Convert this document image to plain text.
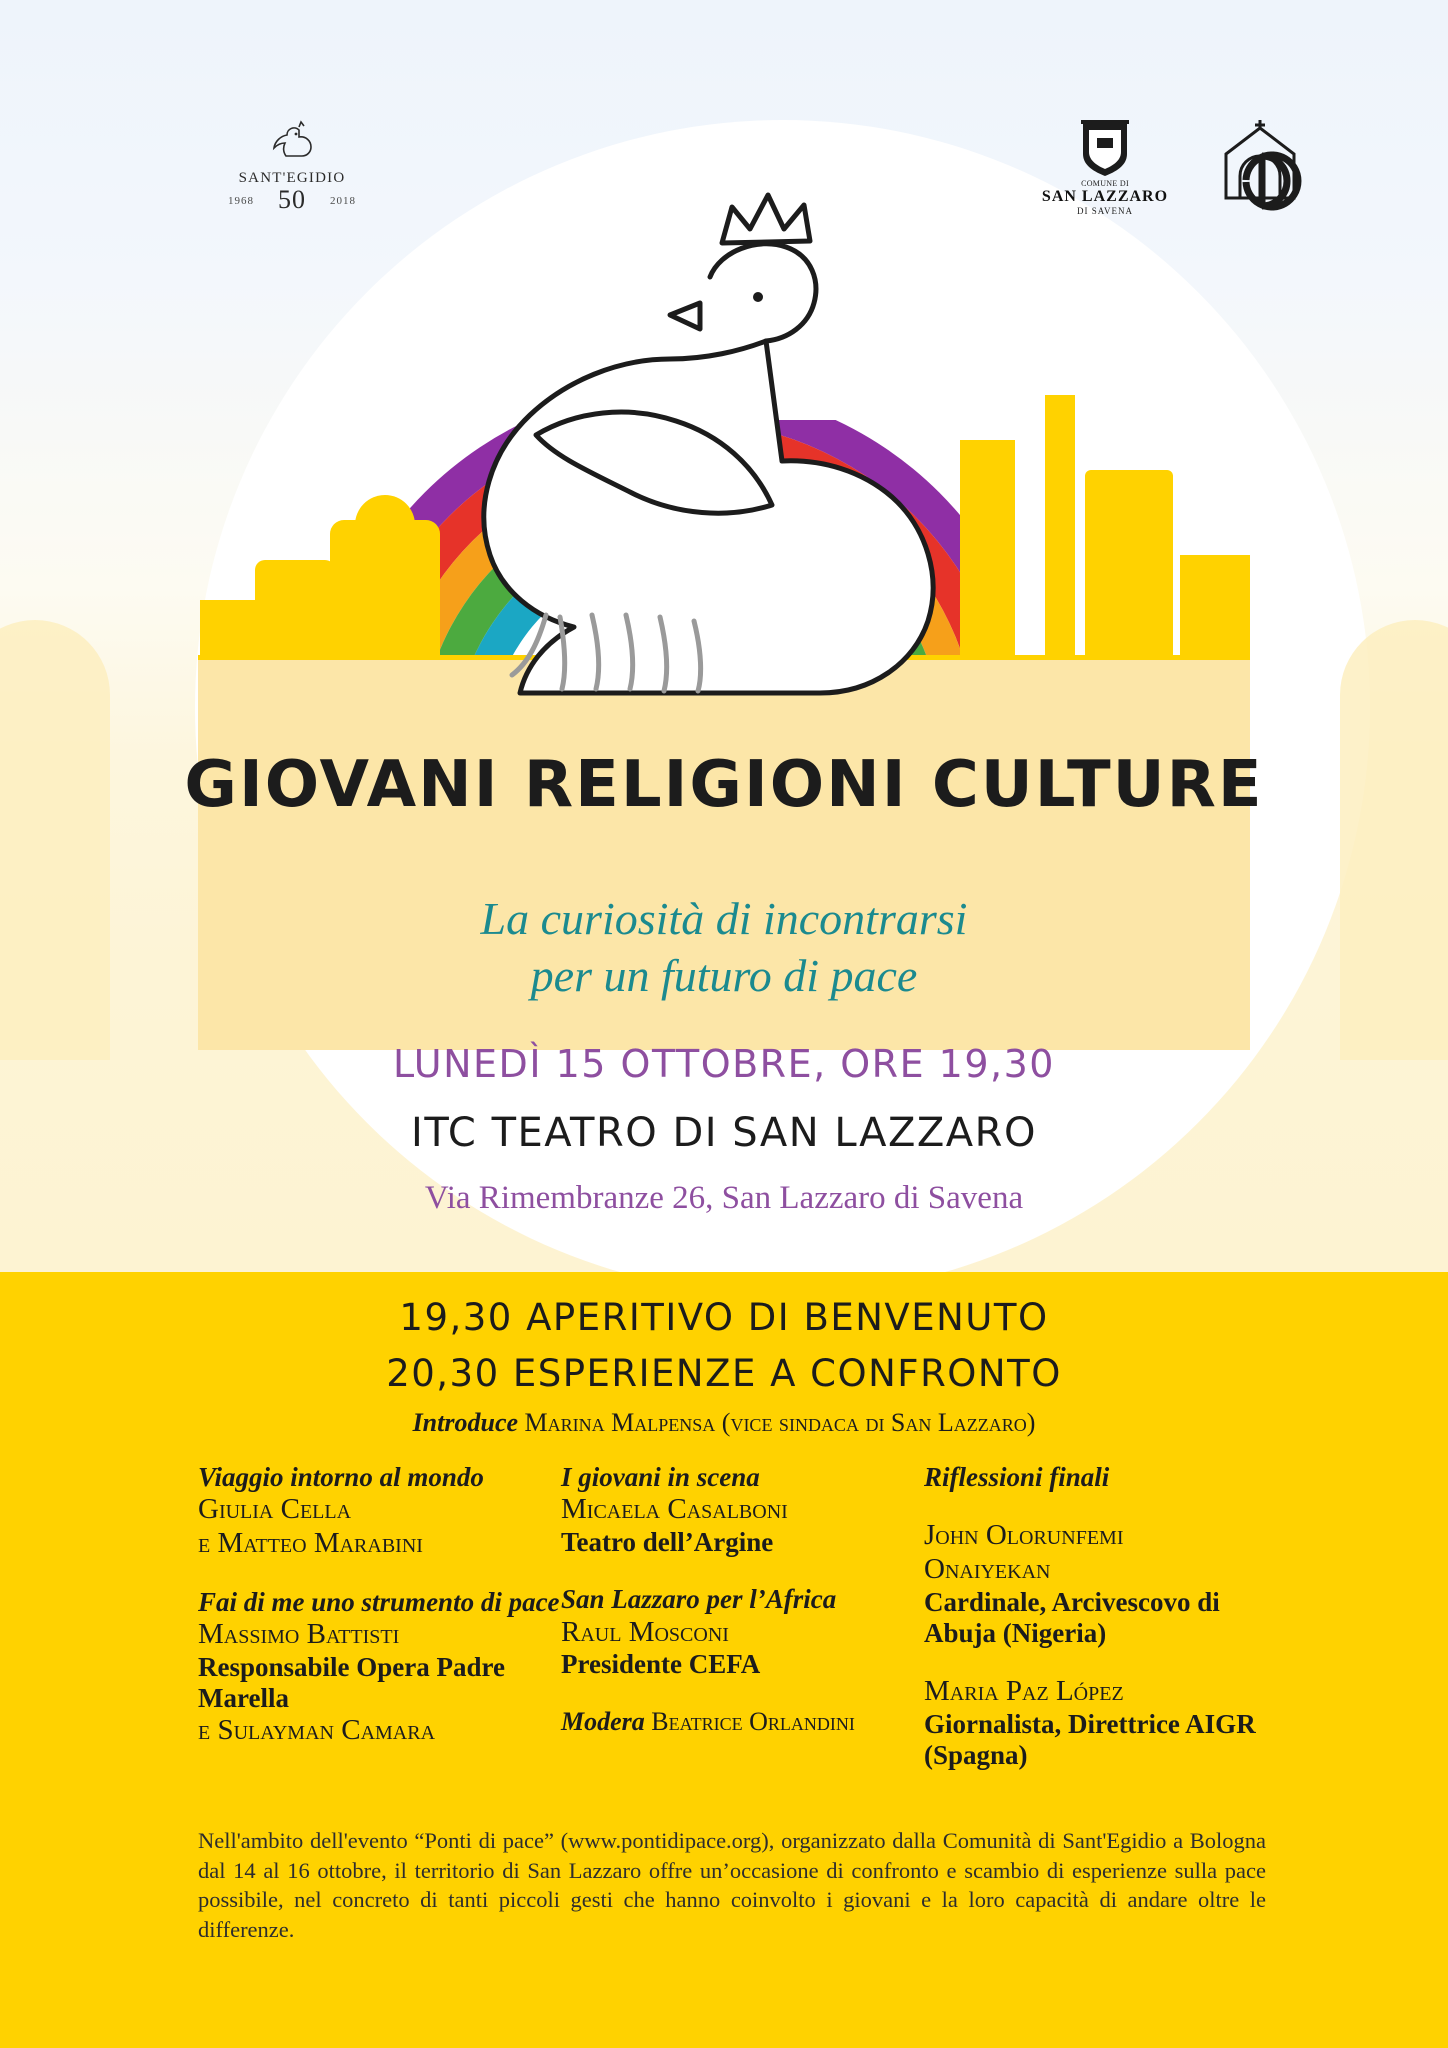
SANT'EGIDIO
1968 50 2018
COMUNE DI
SAN LAZZARO
DI SAVENA
GIOVANI RELIGIONI CULTURE
La curiosità di incontrarsi
per un futuro di pace
LUNEDÌ 15 OTTOBRE, ORE 19,30
ITC TEATRO DI SAN LAZZARO
Via Rimembranze 26, San Lazzaro di Savena
19,30 APERITIVO DI BENVENUTO
20,30 ESPERIENZE A CONFRONTO
Introduce Marina Malpensa (vice sindaca di San Lazzaro)
Viaggio intorno al mondo
Giulia Cella
e Matteo Marabini
Fai di me uno strumento di pace
Massimo Battisti
Responsabile Opera Padre Marella
e Sulayman Camara
I giovani in scena
Micaela Casalboni
Teatro dell’Argine
San Lazzaro per l’Africa
Raul Mosconi
Presidente CEFA
Modera Beatrice Orlandini
Riflessioni finali
John Olorunfemi
Onaiyekan
Cardinale, Arcivescovo di Abuja (Nigeria)
Maria Paz López
Giornalista, Direttrice AIGR (Spagna)
Nell'ambito dell'evento “Ponti di pace” (www.pontidipace.org), organizzato dalla Comunità di Sant'Egidio a Bologna dal 14 al 16 ottobre, il territorio di San Lazzaro offre un’occasione di confronto e scambio di esperienze sulla pace possibile, nel concreto di tanti piccoli gesti che hanno coinvolto i giovani e la loro capacità di andare oltre le differenze.
